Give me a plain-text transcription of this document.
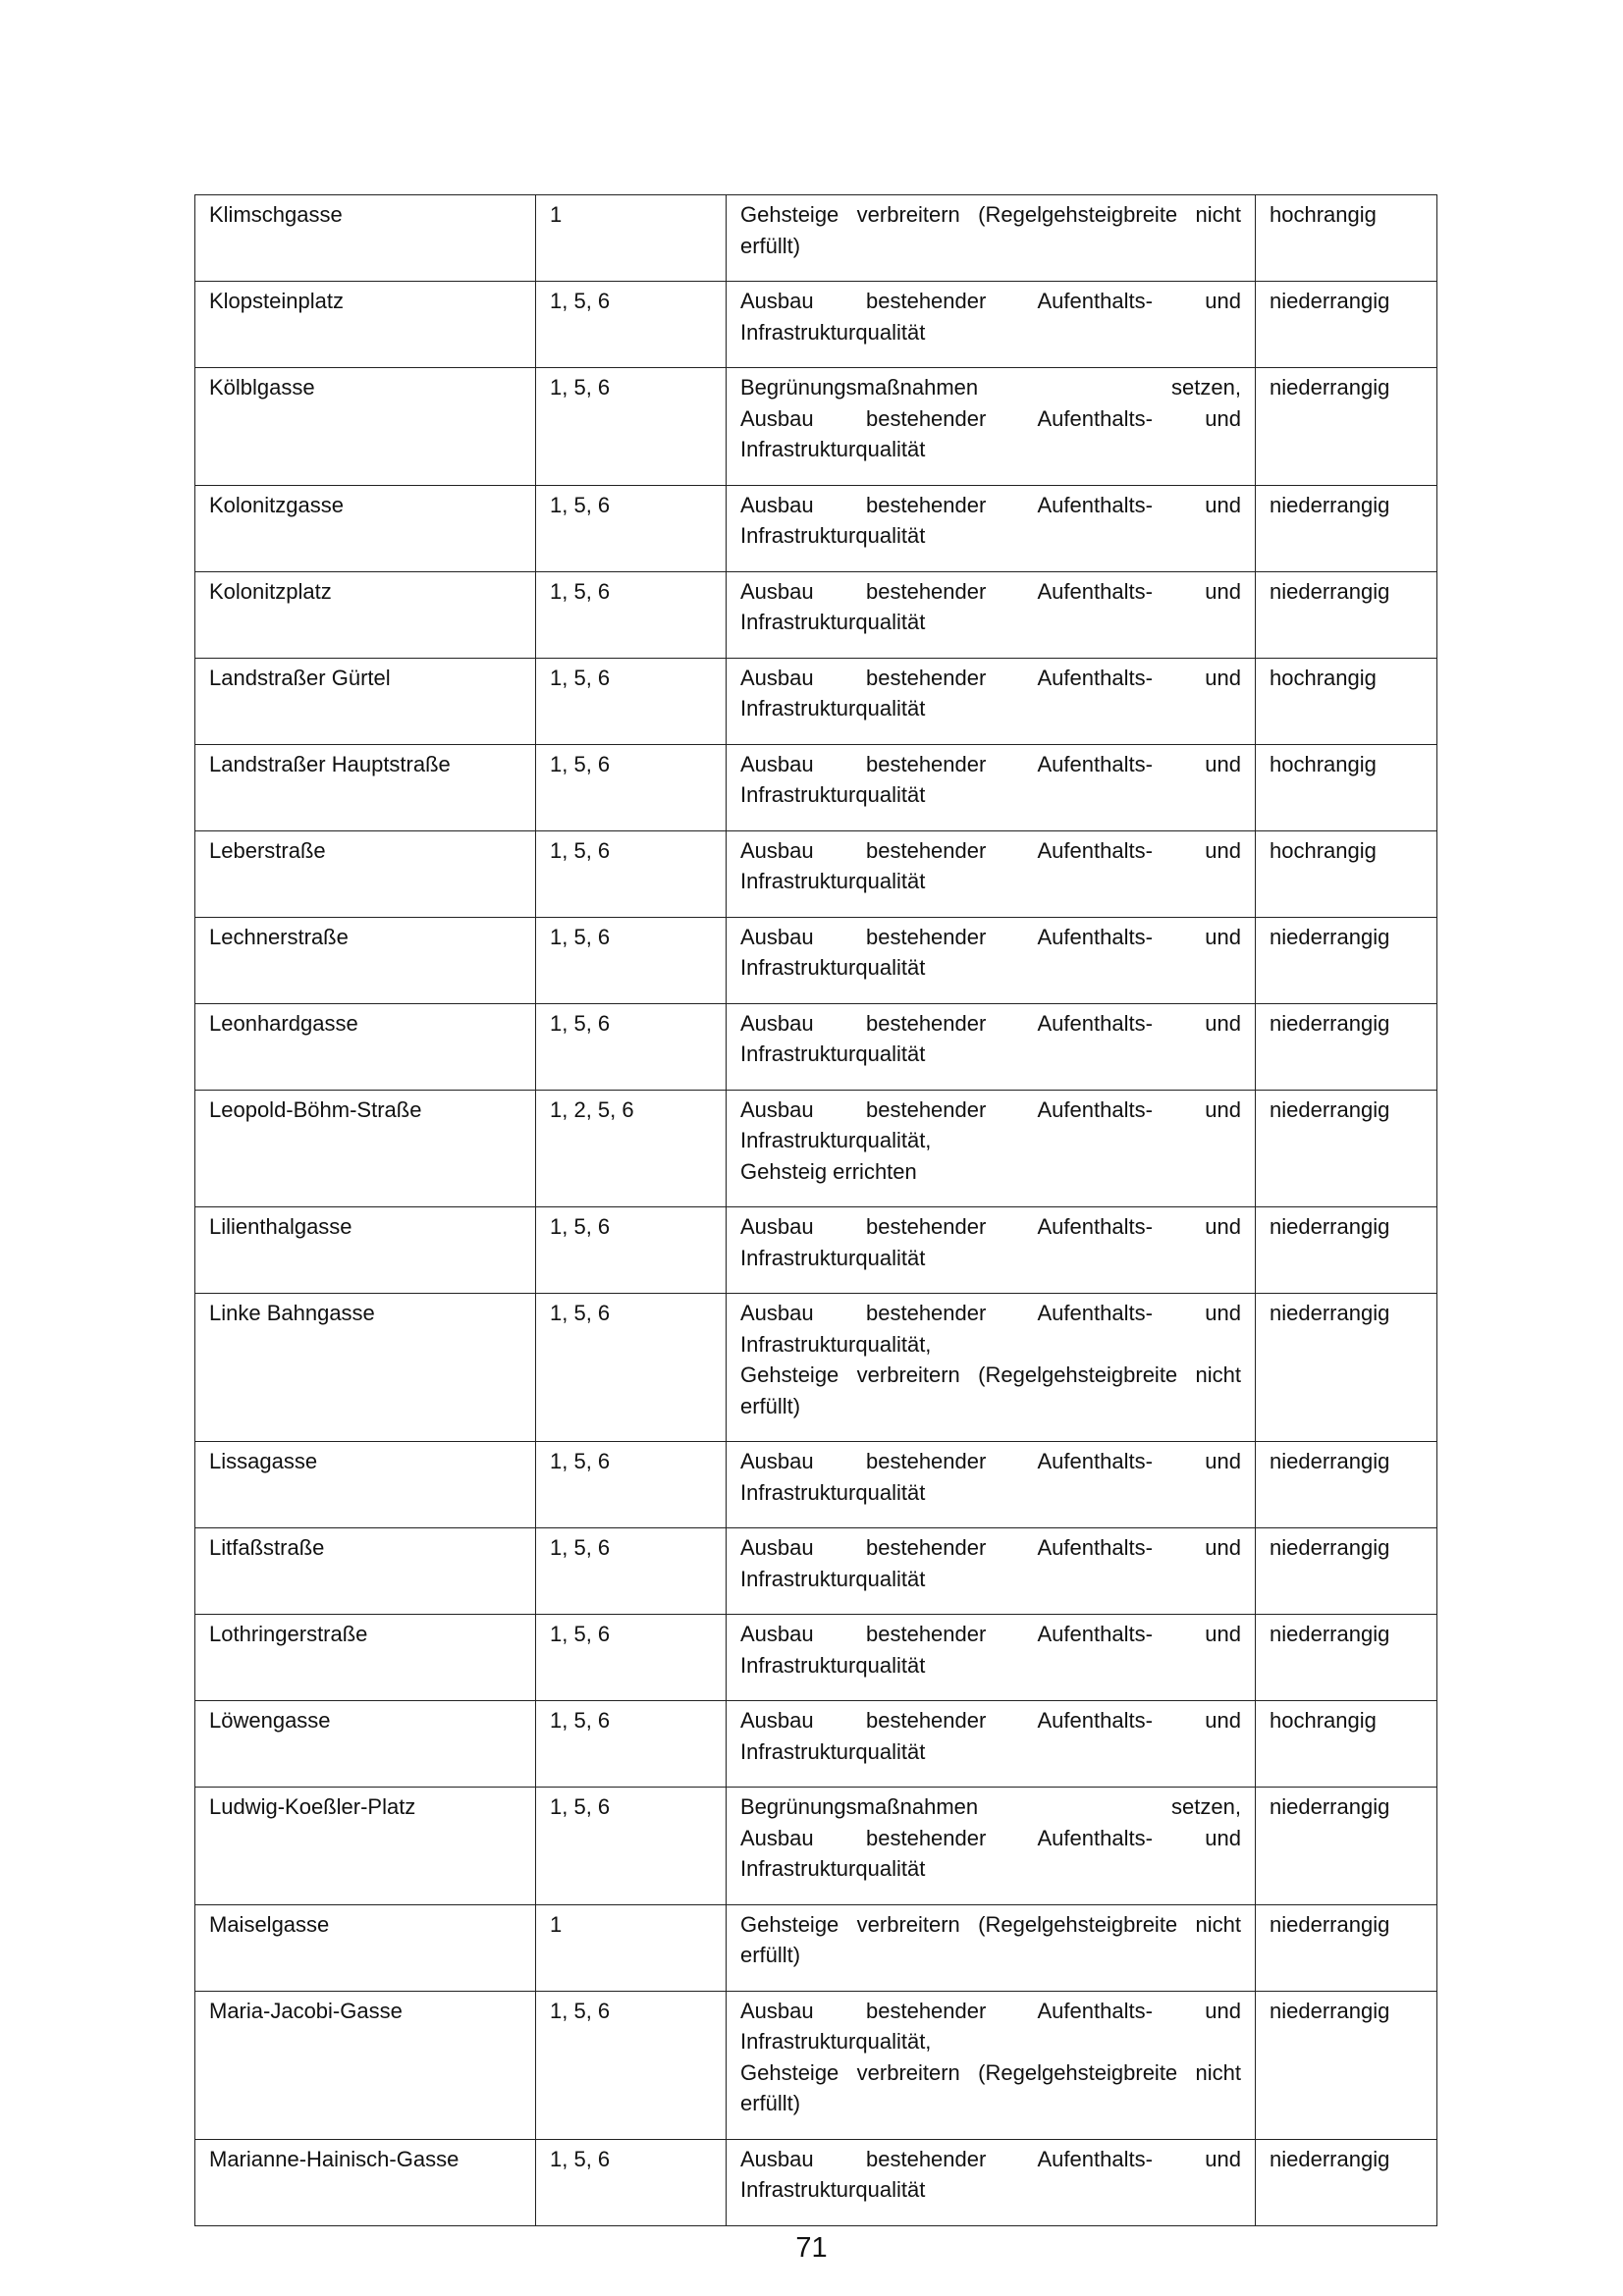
Klimschgasse	1	Gehsteige verbreitern (Regelgehsteigbreite nicht
erfüllt)	hochrangig
Klopsteinplatz	1, 5, 6	Ausbau bestehender Aufenthalts- und
Infrastrukturqualität	niederrangig
Kölblgasse	1, 5, 6	Begrünungsmaßnahmen setzen,
Ausbau bestehender Aufenthalts- und
Infrastrukturqualität	niederrangig
Kolonitzgasse	1, 5, 6	Ausbau bestehender Aufenthalts- und
Infrastrukturqualität	niederrangig
Kolonitzplatz	1, 5, 6	Ausbau bestehender Aufenthalts- und
Infrastrukturqualität	niederrangig
Landstraßer Gürtel	1, 5, 6	Ausbau bestehender Aufenthalts- und
Infrastrukturqualität	hochrangig
Landstraßer Hauptstraße	1, 5, 6	Ausbau bestehender Aufenthalts- und
Infrastrukturqualität	hochrangig
Leberstraße	1, 5, 6	Ausbau bestehender Aufenthalts- und
Infrastrukturqualität	hochrangig
Lechnerstraße	1, 5, 6	Ausbau bestehender Aufenthalts- und
Infrastrukturqualität	niederrangig
Leonhardgasse	1, 5, 6	Ausbau bestehender Aufenthalts- und
Infrastrukturqualität	niederrangig
Leopold-Böhm-Straße	1, 2, 5, 6	Ausbau bestehender Aufenthalts- und
Infrastrukturqualität,
Gehsteig errichten	niederrangig
Lilienthalgasse	1, 5, 6	Ausbau bestehender Aufenthalts- und
Infrastrukturqualität	niederrangig
Linke Bahngasse	1, 5, 6	Ausbau bestehender Aufenthalts- und
Infrastrukturqualität,
Gehsteige verbreitern (Regelgehsteigbreite nicht
erfüllt)	niederrangig
Lissagasse	1, 5, 6	Ausbau bestehender Aufenthalts- und
Infrastrukturqualität	niederrangig
Litfaßstraße	1, 5, 6	Ausbau bestehender Aufenthalts- und
Infrastrukturqualität	niederrangig
Lothringerstraße	1, 5, 6	Ausbau bestehender Aufenthalts- und
Infrastrukturqualität	niederrangig
Löwengasse	1, 5, 6	Ausbau bestehender Aufenthalts- und
Infrastrukturqualität	hochrangig
Ludwig-Koeßler-Platz	1, 5, 6	Begrünungsmaßnahmen setzen,
Ausbau bestehender Aufenthalts- und
Infrastrukturqualität	niederrangig
Maiselgasse	1	Gehsteige verbreitern (Regelgehsteigbreite nicht
erfüllt)	niederrangig
Maria-Jacobi-Gasse	1, 5, 6	Ausbau bestehender Aufenthalts- und
Infrastrukturqualität,
Gehsteige verbreitern (Regelgehsteigbreite nicht
erfüllt)	niederrangig
Marianne-Hainisch-Gasse	1, 5, 6	Ausbau bestehender Aufenthalts- und
Infrastrukturqualität	niederrangig
71
